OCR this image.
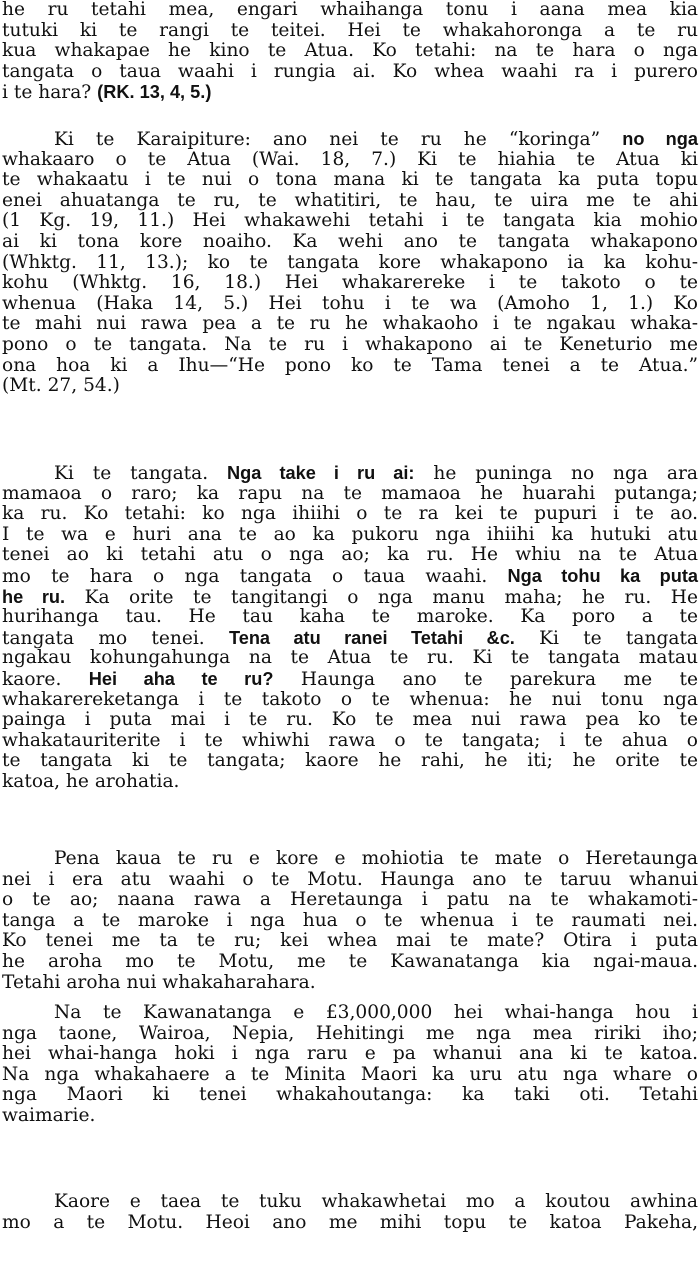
he ru tetahi mea, engari whaihanga tonu i aana mea kia
tutuki ki te rangi te teitei. Hei te whakahoronga a te ru
kua whakapae he kino te Atua. Ko tetahi: na te hara o nga
tangata o taua waahi i rungia ai. Ko whea waahi ra i purero
i te hara? (RK. 13, 4, 5.)
Ki te Karaipiture: ano nei te ru he “koringa” no nga
whakaaro o te Atua (Wai. 18, 7.) Ki te hiahia te Atua ki
te whakaatu i te nui o tona mana ki te tangata ka puta topu
enei ahuatanga te ru, te whatitiri, te hau, te uira me te ahi
(1 Kg. 19, 11.) Hei whakawehi tetahi i te tangata kia mohio
ai ki tona kore noaiho. Ka wehi ano te tangata whakapono
(Whktg. 11, 13.); ko te tangata kore whakapono ia ka kohu-
kohu (Whktg. 16, 18.) Hei whakarereke i te takoto o te
whenua (Haka 14, 5.) Hei tohu i te wa (Amoho 1, 1.) Ko
te mahi nui rawa pea a te ru he whakaoho i te ngakau whaka-
pono o te tangata. Na te ru i whakapono ai te Keneturio me
ona hoa ki a Ihu—“He pono ko te Tama tenei a te Atua.”
(Mt. 27, 54.)
Ki te tangata. Nga take i ru ai: he puninga no nga ara
mamaoa o raro; ka rapu na te mamaoa he huarahi putanga;
ka ru. Ko tetahi: ko nga ihiihi o te ra kei te pupuri i te ao.
I te wa e huri ana te ao ka pukoru nga ihiihi ka hutuki atu
tenei ao ki tetahi atu o nga ao; ka ru. He whiu na te Atua
mo te hara o nga tangata o taua waahi. Nga tohu ka puta
he ru. Ka orite te tangitangi o nga manu maha; he ru. He
hurihanga tau. He tau kaha te maroke. Ka poro a te
tangata mo tenei. Tena atu ranei Tetahi &c. Ki te tangata
ngakau kohungahunga na te Atua te ru. Ki te tangata matau
kaore. Hei aha te ru? Haunga ano te parekura me te
whakarereketanga i te takoto o te whenua: he nui tonu nga
painga i puta mai i te ru. Ko te mea nui rawa pea ko te
whakatauriterite i te whiwhi rawa o te tangata; i te ahua o
te tangata ki te tangata; kaore he rahi, he iti; he orite te
katoa, he arohatia.
Pena kaua te ru e kore e mohiotia te mate o Heretaunga
nei i era atu waahi o te Motu. Haunga ano te taruu whanui
o te ao; naana rawa a Heretaunga i patu na te whakamoti-
tanga a te maroke i nga hua o te whenua i te raumati nei.
Ko tenei me ta te ru; kei whea mai te mate? Otira i puta
he aroha mo te Motu, me te Kawanatanga kia ngai-maua.
Tetahi aroha nui whakaharahara.
Na te Kawanatanga e £3,000,000 hei whai-hanga hou i
nga taone, Wairoa, Nepia, Hehitingi me nga mea ririki iho;
hei whai-hanga hoki i nga raru e pa whanui ana ki te katoa.
Na nga whakahaere a te Minita Maori ka uru atu nga whare o
nga Maori ki tenei whakahoutanga: ka taki oti. Tetahi
waimarie.
Kaore e taea te tuku whakawhetai mo a koutou awhina
mo a te Motu. Heoi ano me mihi topu te katoa Pakeha,
